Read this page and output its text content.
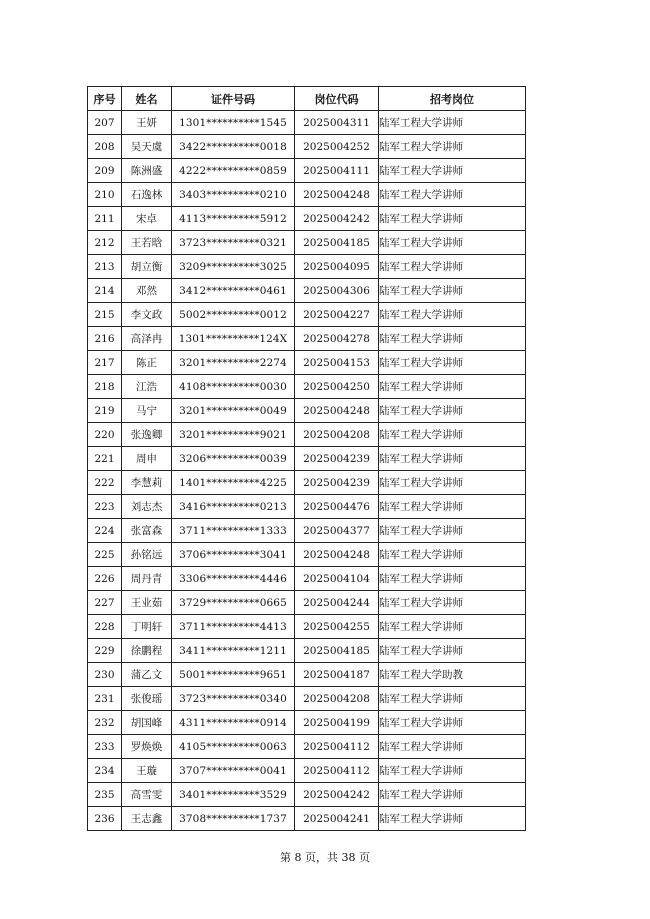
序号	姓名	证件号码	岗位代码	招考岗位
207	王妍	1301**********1545	2025004311	陆军工程大学讲师
208	吴天虞	3422**********0018	2025004252	陆军工程大学讲师
209	陈洲盛	4222**********0859	2025004111	陆军工程大学讲师
210	石逸林	3403**********0210	2025004248	陆军工程大学讲师
211	宋卓	4113**********5912	2025004242	陆军工程大学讲师
212	王若晗	3723**********0321	2025004185	陆军工程大学讲师
213	胡立衡	3209**********3025	2025004095	陆军工程大学讲师
214	邓然	3412**********0461	2025004306	陆军工程大学讲师
215	李文政	5002**********0012	2025004227	陆军工程大学讲师
216	高泽冉	1301**********124X	2025004278	陆军工程大学讲师
217	陈正	3201**********2274	2025004153	陆军工程大学讲师
218	江浩	4108**********0030	2025004250	陆军工程大学讲师
219	马宁	3201**********0049	2025004248	陆军工程大学讲师
220	张逸卿	3201**********9021	2025004208	陆军工程大学讲师
221	周申	3206**********0039	2025004239	陆军工程大学讲师
222	李慧莉	1401**********4225	2025004239	陆军工程大学讲师
223	刘志杰	3416**********0213	2025004476	陆军工程大学讲师
224	张富森	3711**********1333	2025004377	陆军工程大学讲师
225	孙铭远	3706**********3041	2025004248	陆军工程大学讲师
226	周丹青	3306**********4446	2025004104	陆军工程大学讲师
227	王业茹	3729**********0665	2025004244	陆军工程大学讲师
228	丁明轩	3711**********4413	2025004255	陆军工程大学讲师
229	徐鹏程	3411**********1211	2025004185	陆军工程大学讲师
230	蒲乙文	5001**********9651	2025004187	陆军工程大学助教
231	张俊瑶	3723**********0340	2025004208	陆军工程大学讲师
232	胡国峰	4311**********0914	2025004199	陆军工程大学讲师
233	罗焕焕	4105**********0063	2025004112	陆军工程大学讲师
234	王璇	3707**********0041	2025004112	陆军工程大学讲师
235	高雪雯	3401**********3529	2025004242	陆军工程大学讲师
236	王志鑫	3708**********1737	2025004241	陆军工程大学讲师
第 8 页，共 38 页
